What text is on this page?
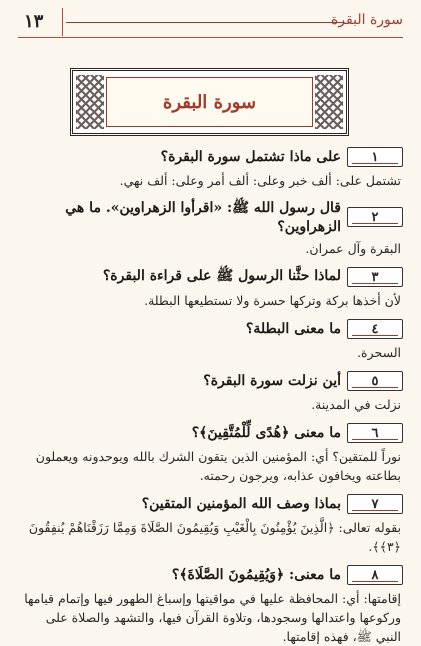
١٣	سورة البقرة
سورة البقرة
١
على ماذا تشتمل سورة البقرة؟
تشتمل على: ألف خبر وعلى: ألف أمر وعلى: ألف نهي.
٢
قال رسول الله ﷺ: «اقرأوا الزهراوين». ما هي الزهراوين؟
البقرة وآل عمران.
٣
لماذا حثَّنا الرسول ﷺ على قراءة البقرة؟
لأن أخذها بركة وتركها حسرة ولا تستطيعها البطلة.
٤
ما معنى البطلة؟
السحرة.
٥
أين نزلت سورة البقرة؟
نزلت في المدينة.
٦
ما معنى ﴿هُدًى لِّلْمُتَّقِينَ﴾؟
نوراً للمتقين؟ أي: المؤمنين الذين يتقون الشرك بالله ويوحدونه ويعملون بطاعته ويخافون عذابه، ويرجون رحمته.
٧
بماذا وصف الله المؤمنين المتقين؟
بقوله تعالى: ﴿الَّذِينَ يُؤْمِنُونَ بِالْغَيْبِ وَيُقِيمُونَ الصَّلَاةَ وَمِمَّا رَزَقْنَاهُمْ يُنفِقُونَ ﴿٣﴾﴾.
٨
ما معنى: ﴿وَيُقِيمُونَ الصَّلَاةَ﴾؟
إقامتها: أي: المحافظة عليها في مواقيتها وإسباغ الطهور فيها وإتمام قيامها وركوعها واعتدالها وسجودها، وتلاوة القرآن فيها، والتشهد والصلاة على النبي ﷺ، فهذه إقامتها.
